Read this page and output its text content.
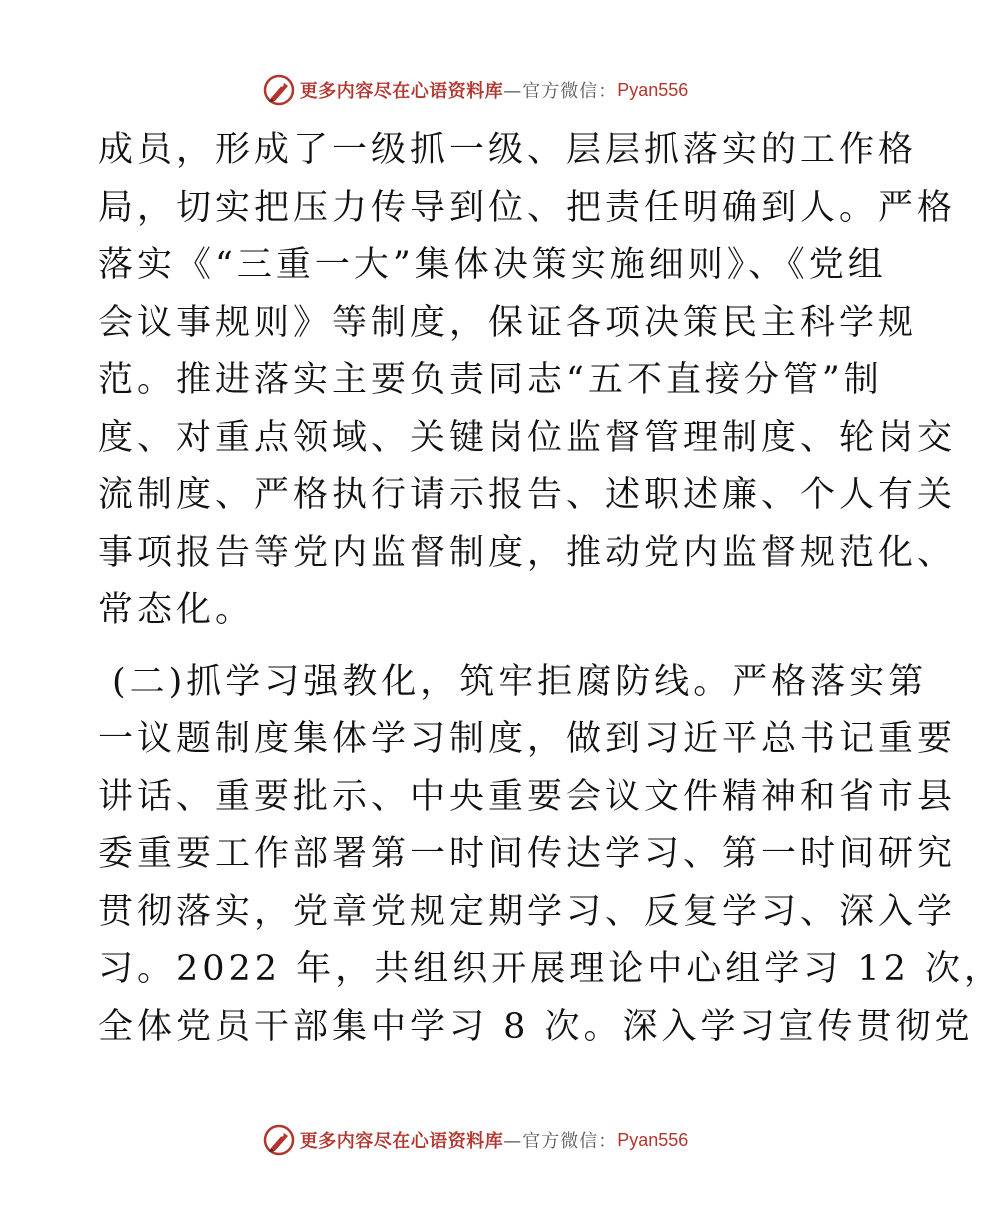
更多内容尽在心语资料库 —官方微信： Pyan556
成员，形成了一级抓一级、层层抓落实的工作格
局，切实把压力传导到位、把责任明确到人。严格
落实《“三重一大”集体决策实施细则》、《党组
会议事规则》等制度，保证各项决策民主科学规
范。推进落实主要负责同志“五不直接分管”制
度、对重点领域、关键岗位监督管理制度、轮岗交
流制度、严格执行请示报告、述职述廉、个人有关
事项报告等党内监督制度，推动党内监督规范化、
常态化。
(二)抓学习强教化，筑牢拒腐防线。严格落实第
一议题制度集体学习制度，做到习近平总书记重要
讲话、重要批示、中央重要会议文件精神和省市县
委重要工作部署第一时间传达学习、第一时间研究
贯彻落实，党章党规定期学习、反复学习、深入学
习。2022 年，共组织开展理论中心组学习 12 次，
全体党员干部集中学习 8 次。深入学习宣传贯彻党
更多内容尽在心语资料库 —官方微信： Pyan556
